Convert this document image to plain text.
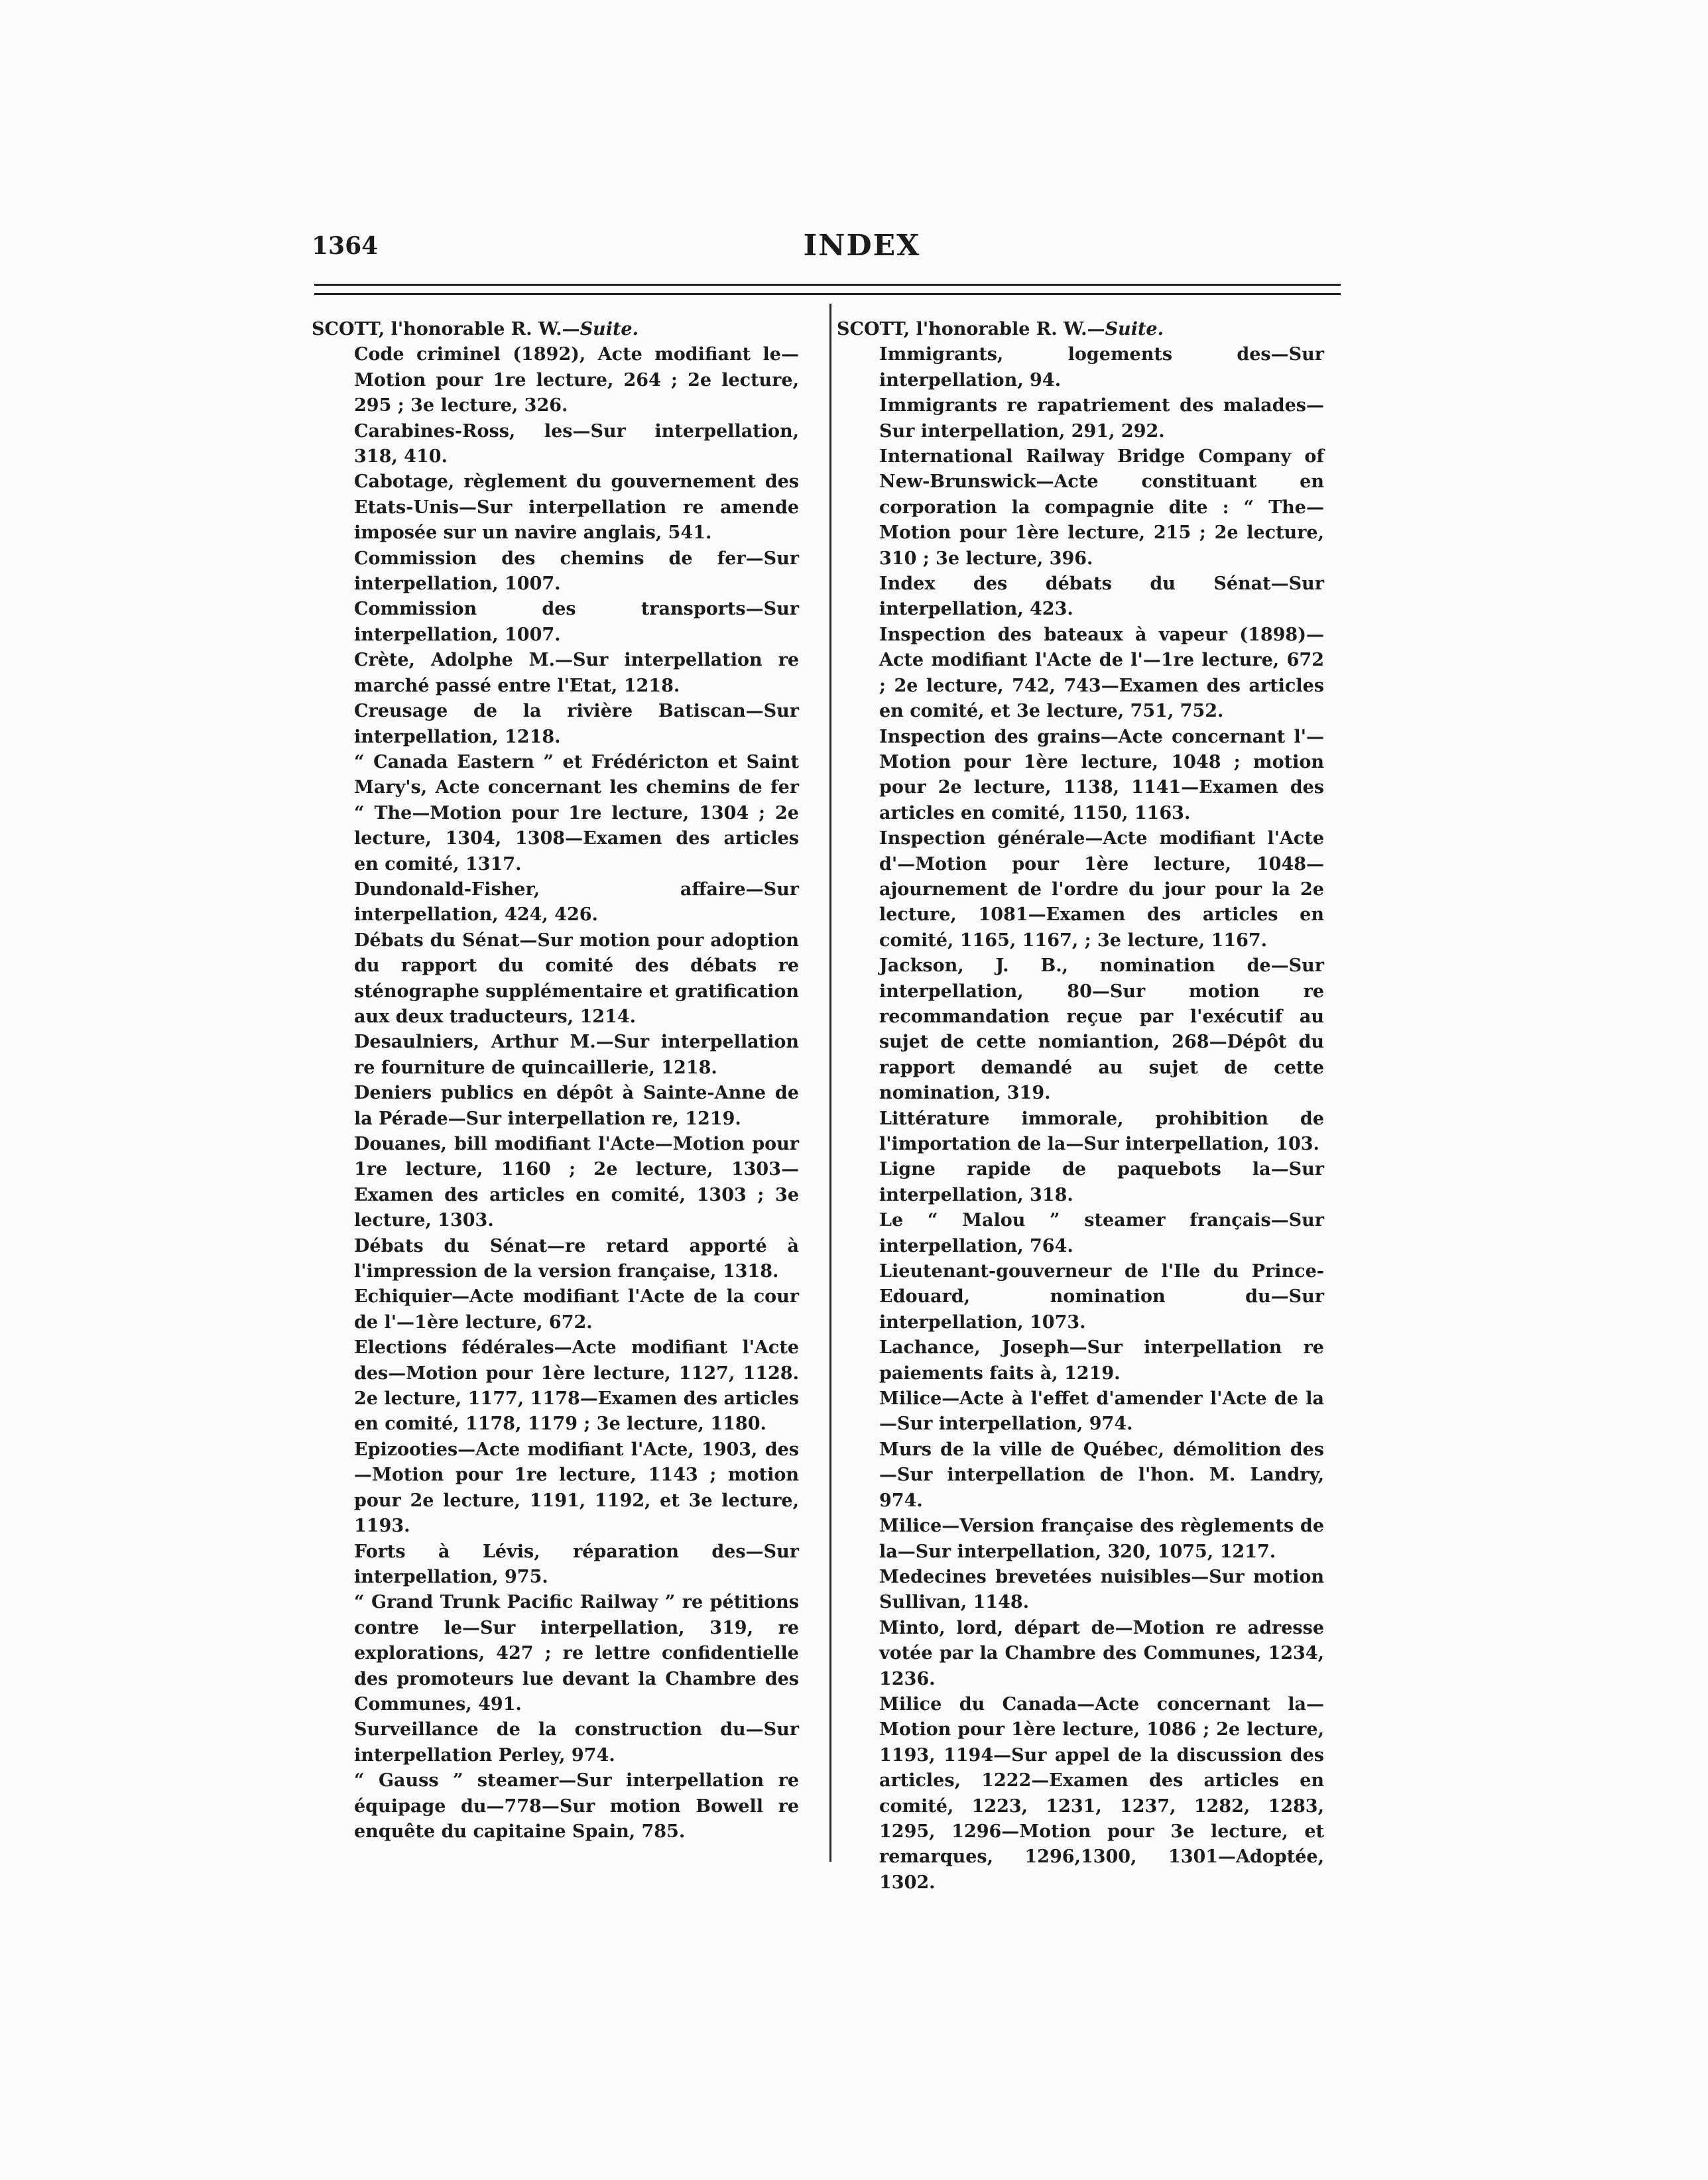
1364	INDEX
SCOTT, l'honorable R. W.—Suite.

Code criminel (1892), Acte modifiant le—Motion pour 1re lecture, 264 ; 2e lecture, 295 ; 3e lecture, 326.

Carabines-Ross, les—Sur interpellation, 318, 410.

Cabotage, règlement du gouvernement des Etats-Unis—Sur interpellation re amende imposée sur un navire anglais, 541.

Commission des chemins de fer—Sur interpellation, 1007.

Commission des transports—Sur interpellation, 1007.

Crète, Adolphe M.—Sur interpellation re marché passé entre l'Etat, 1218.

Creusage de la rivière Batiscan—Sur interpellation, 1218.

“ Canada Eastern ” et Frédéricton et Saint Mary's, Acte concernant les chemins de fer “ The—Motion pour 1re lecture, 1304 ; 2e lecture, 1304, 1308—Examen des articles en comité, 1317.

Dundonald-Fisher, affaire—Sur interpellation, 424, 426.

Débats du Sénat—Sur motion pour adoption du rapport du comité des débats re sténographe supplémentaire et gratification aux deux traducteurs, 1214.

Desaulniers, Arthur M.—Sur interpellation re fourniture de quincaillerie, 1218.

Deniers publics en dépôt à Sainte-Anne de la Pérade—Sur interpellation re, 1219.

Douanes, bill modifiant l'Acte—Motion pour 1re lecture, 1160 ; 2e lecture, 1303—Examen des articles en comité, 1303 ; 3e lecture, 1303.

Débats du Sénat—re retard apporté à l'impression de la version française, 1318.

Echiquier—Acte modifiant l'Acte de la cour de l'—1ère lecture, 672.

Elections fédérales—Acte modifiant l'Acte des—Motion pour 1ère lecture, 1127, 1128. 2e lecture, 1177, 1178—Examen des articles en comité, 1178, 1179 ; 3e lecture, 1180.

Epizooties—Acte modifiant l'Acte, 1903, des —Motion pour 1re lecture, 1143 ; motion pour 2e lecture, 1191, 1192, et 3e lecture, 1193.

Forts à Lévis, réparation des—Sur interpellation, 975.

“ Grand Trunk Pacific Railway ” re pétitions contre le—Sur interpellation, 319, re explorations, 427 ; re lettre confidentielle des promoteurs lue devant la Chambre des Communes, 491.

Surveillance de la construction du—Sur interpellation Perley, 974.

“ Gauss ” steamer—Sur interpellation re équipage du—778—Sur motion Bowell re enquête du capitaine Spain, 785.

SCOTT, l'honorable R. W.—Suite.

Immigrants, logements des—Sur interpellation, 94.

Immigrants re rapatriement des malades—Sur interpellation, 291, 292.

International Railway Bridge Company of New-Brunswick—Acte constituant en corporation la compagnie dite : “ The—Motion pour 1ère lecture, 215 ; 2e lecture, 310 ; 3e lecture, 396.

Index des débats du Sénat—Sur interpellation, 423.

Inspection des bateaux à vapeur (1898)—Acte modifiant l'Acte de l'—1re lecture, 672 ; 2e lecture, 742, 743—Examen des articles en comité, et 3e lecture, 751, 752.

Inspection des grains—Acte concernant l'—Motion pour 1ère lecture, 1048 ; motion pour 2e lecture, 1138, 1141—Examen des articles en comité, 1150, 1163.

Inspection générale—Acte modifiant l'Acte d'—Motion pour 1ère lecture, 1048—ajournement de l'ordre du jour pour la 2e lecture, 1081—Examen des articles en comité, 1165, 1167, ; 3e lecture, 1167.

Jackson, J. B., nomination de—Sur interpellation, 80—Sur motion re recommandation reçue par l'exécutif au sujet de cette nomiantion, 268—Dépôt du rapport demandé au sujet de cette nomination, 319.

Littérature immorale, prohibition de l'importation de la—Sur interpellation, 103.

Ligne rapide de paquebots la—Sur interpellation, 318.

Le “ Malou ” steamer français—Sur interpellation, 764.

Lieutenant-gouverneur de l'Ile du Prince-Edouard, nomination du—Sur interpellation, 1073.

Lachance, Joseph—Sur interpellation re paiements faits à, 1219.

Milice—Acte à l'effet d'amender l'Acte de la—Sur interpellation, 974.

Murs de la ville de Québec, démolition des—Sur interpellation de l'hon. M. Landry, 974.

Milice—Version française des règlements de la—Sur interpellation, 320, 1075, 1217.

Medecines brevetées nuisibles—Sur motion Sullivan, 1148.

Minto, lord, départ de—Motion re adresse votée par la Chambre des Communes, 1234, 1236.

Milice du Canada—Acte concernant la—Motion pour 1ère lecture, 1086 ; 2e lecture, 1193, 1194—Sur appel de la discussion des articles, 1222—Examen des articles en comité, 1223, 1231, 1237, 1282, 1283, 1295, 1296—Motion pour 3e lecture, et remarques, 1296,1300, 1301—Adoptée, 1302.
